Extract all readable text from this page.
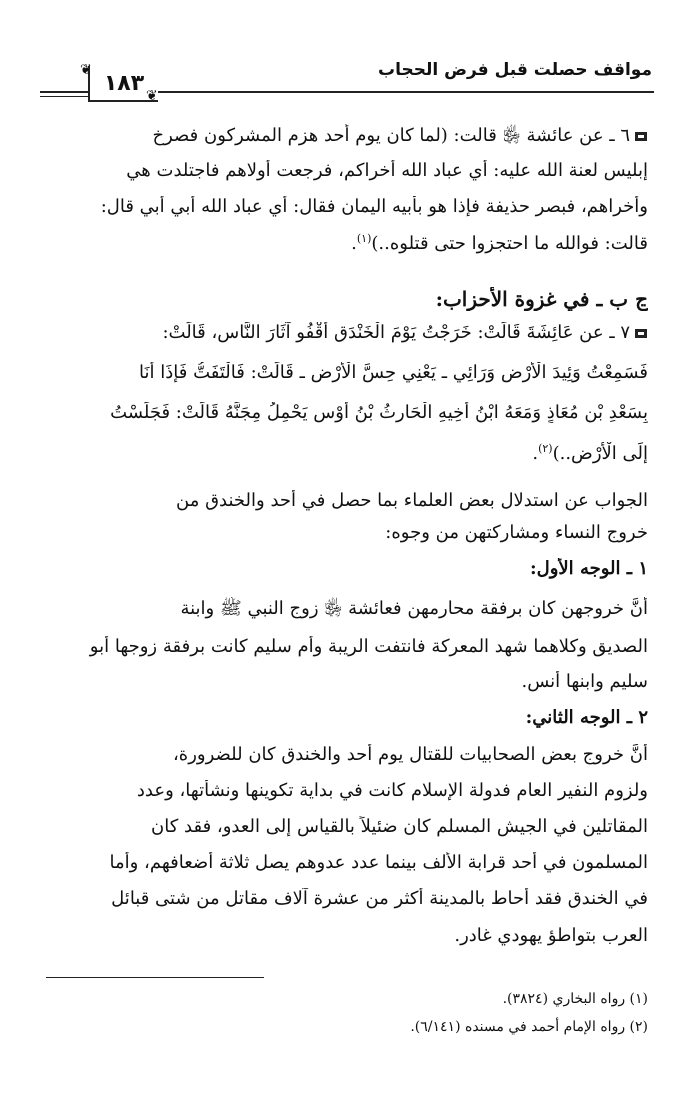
مواقف حصلت قبل فرض الحجاب
١٨٣
❦
❦
٦ ـ عن عائشة ﵂ قالت: (لما كان يوم أحد هزم المشركون فصرخ
إبليس لعنة الله عليه: أي عباد الله أخراكم، فرجعت أولاهم فاجتلدت هي
وأخراهم، فبصر حذيفة فإذا هو بأبيه اليمان فقال: أي عباد الله أبي أبي قال:
قالت: فوالله ما احتجزوا حتى قتلوه..)$^{(١)}$.
ﭶ ب ـ في غزوة الأحزاب:
٧ ـ عن عَائِشَةَ قَالَتْ: خَرَجْتُ يَوْمَ الْخَنْدَقِ أَقْفُو آثَارَ النَّاسِ، قَالَتْ:
فَسَمِعْتُ وَئِيدَ الْأَرْضِ وَرَائِي ـ يَعْنِي حِسَّ الْأَرْضِ ـ قَالَتْ: فَالْتَفَتُّ فَإِذَا أَنَا
بِسَعْدِ بْنِ مُعَاذٍ وَمَعَهُ ابْنُ أَخِيهِ الْحَارِثُ بْنُ أَوْسٍ يَحْمِلُ مِجَنَّهُ قَالَتْ: فَجَلَسْتُ
إِلَى الْأَرْضِ..)$^{(٢)}$.
الجواب عن استدلال بعض العلماء بما حصل في أحد والخندق من
خروج النساء ومشاركتهن من وجوه:
١ ـ الوجه الأول:
أنَّ خروجهن كان برفقة محارمهن فعائشة ﵂ زوج النبي ﷺ وابنة
الصديق وكلاهما شهد المعركة فانتفت الريبة وأم سليم كانت برفقة زوجها أبو
سليم وابنها أنس.
٢ ـ الوجه الثاني:
أنَّ خروج بعض الصحابيات للقتال يوم أحد والخندق كان للضرورة،
ولزوم النفير العام فدولة الإسلام كانت في بداية تكوينها ونشأتها، وعدد
المقاتلين في الجيش المسلم كان ضئيلاً بالقياس إلى العدو، فقد كان
المسلمون في أحد قرابة الألف بينما عدد عدوهم يصل ثلاثة أضعافهم، وأما
في الخندق فقد أحاط بالمدينة أكثر من عشرة آلاف مقاتل من شتى قبائل
العرب بتواطؤ يهودي غادر.
(١) رواه البخاري (٣٨٢٤).
(٢) رواه الإمام أحمد في مسنده (٦/١٤١).
